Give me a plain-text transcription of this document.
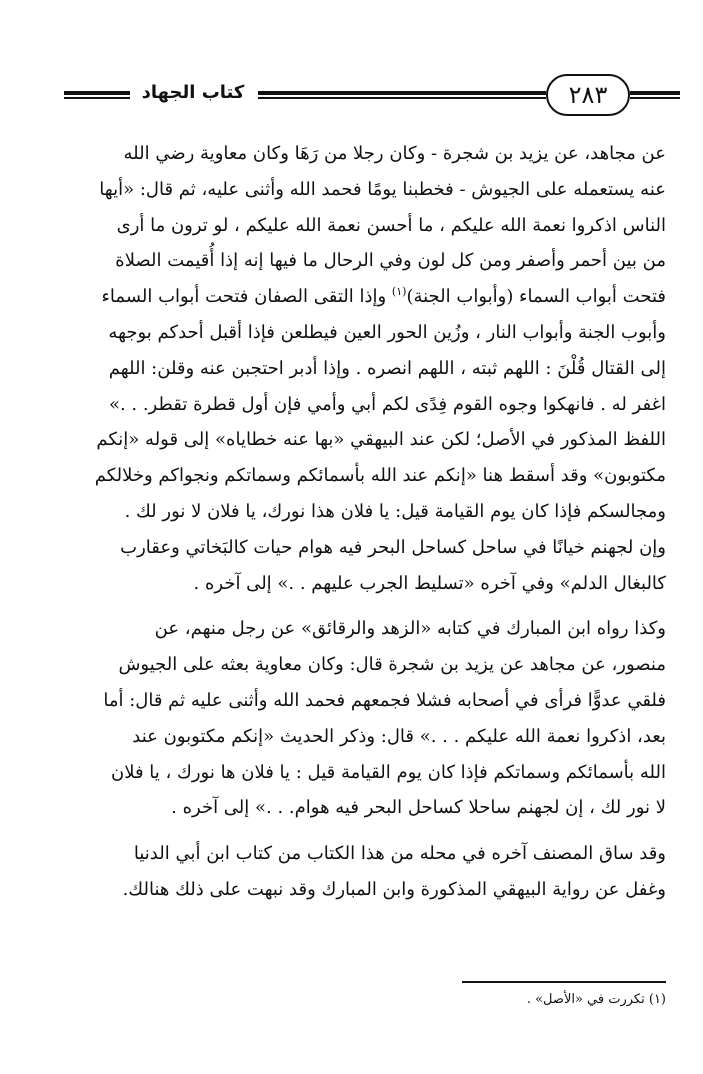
كتاب الجهاد	٢٨٣

عن مجاهد، عن يزيد بن شجرة - وكان رجلا من رَهَا وكان معاوية رضي الله
عنه يستعمله على الجيوش - فخطبنا يومًا فحمد الله وأثنى عليه، ثم قال: «أيها
الناس اذكروا نعمة الله عليكم ، ما أحسن نعمة الله عليكم ، لو ترون ما أرى
من بين أحمر وأصفر ومن كل لون وفي الرحال ما فيها إنه إذا أُقيمت الصلاة
فتحت أبواب السماء (وأبواب الجنة)$^{(١)}$ وإذا التقى الصفان فتحت أبواب السماء
وأبوب الجنة وأبواب النار ، وزُين الحور العين فيطلعن فإذا أقبل أحدكم بوجهه
إلى القتال قُلْنَ : اللهم ثبته ، اللهم انصره . وإذا أدبر احتجبن عنه وقلن: اللهم
اغفر له . فانهكوا وجوه القوم فِدًى لكم أبي وأمي فإن أول قطرة تقطر. . .»
اللفظ المذكور في الأصل؛ لكن عند البيهقي «بها عنه خطاياه» إلى قوله «إنكم
مكتوبون» وقد أسقط هنا «إنكم عند الله بأسمائكم وسماتكم ونجواكم وخلالكم
ومجالسكم فإذا كان يوم القيامة قيل: يا فلان هذا نورك، يا فلان لا نور لك .
وإن لجهنم خيانًا في ساحل كساحل البحر فيه هوام حيات كالبَخاتي وعقارب
كالبغال الدلم» وفي آخره «تسليط الجرب عليهم . .» إلى آخره .

وكذا رواه ابن المبارك في كتابه «الزهد والرقائق» عن رجل منهم، عن
منصور، عن مجاهد عن يزيد بن شجرة قال: وكان معاوية بعثه على الجيوش
فلقي عدوًّا فرأى في أصحابه فشلا فجمعهم فحمد الله وأثنى عليه ثم قال: أما
بعد، اذكروا نعمة الله عليكم . . .» قال: وذكر الحديث «إنكم مكتوبون عند
الله بأسمائكم وسماتكم فإذا كان يوم القيامة قيل : يا فلان ها نورك ، يا فلان
لا نور لك ، إن لجهنم ساحلا كساحل البحر فيه هوام. . .» إلى آخره .

وقد ساق المصنف آخره في محله من هذا الكتاب من كتاب ابن أبي الدنيا
وغفل عن رواية البيهقي المذكورة وابن المبارك وقد نبهت على ذلك هنالك.

(١) تكررت في «الأصل» .
